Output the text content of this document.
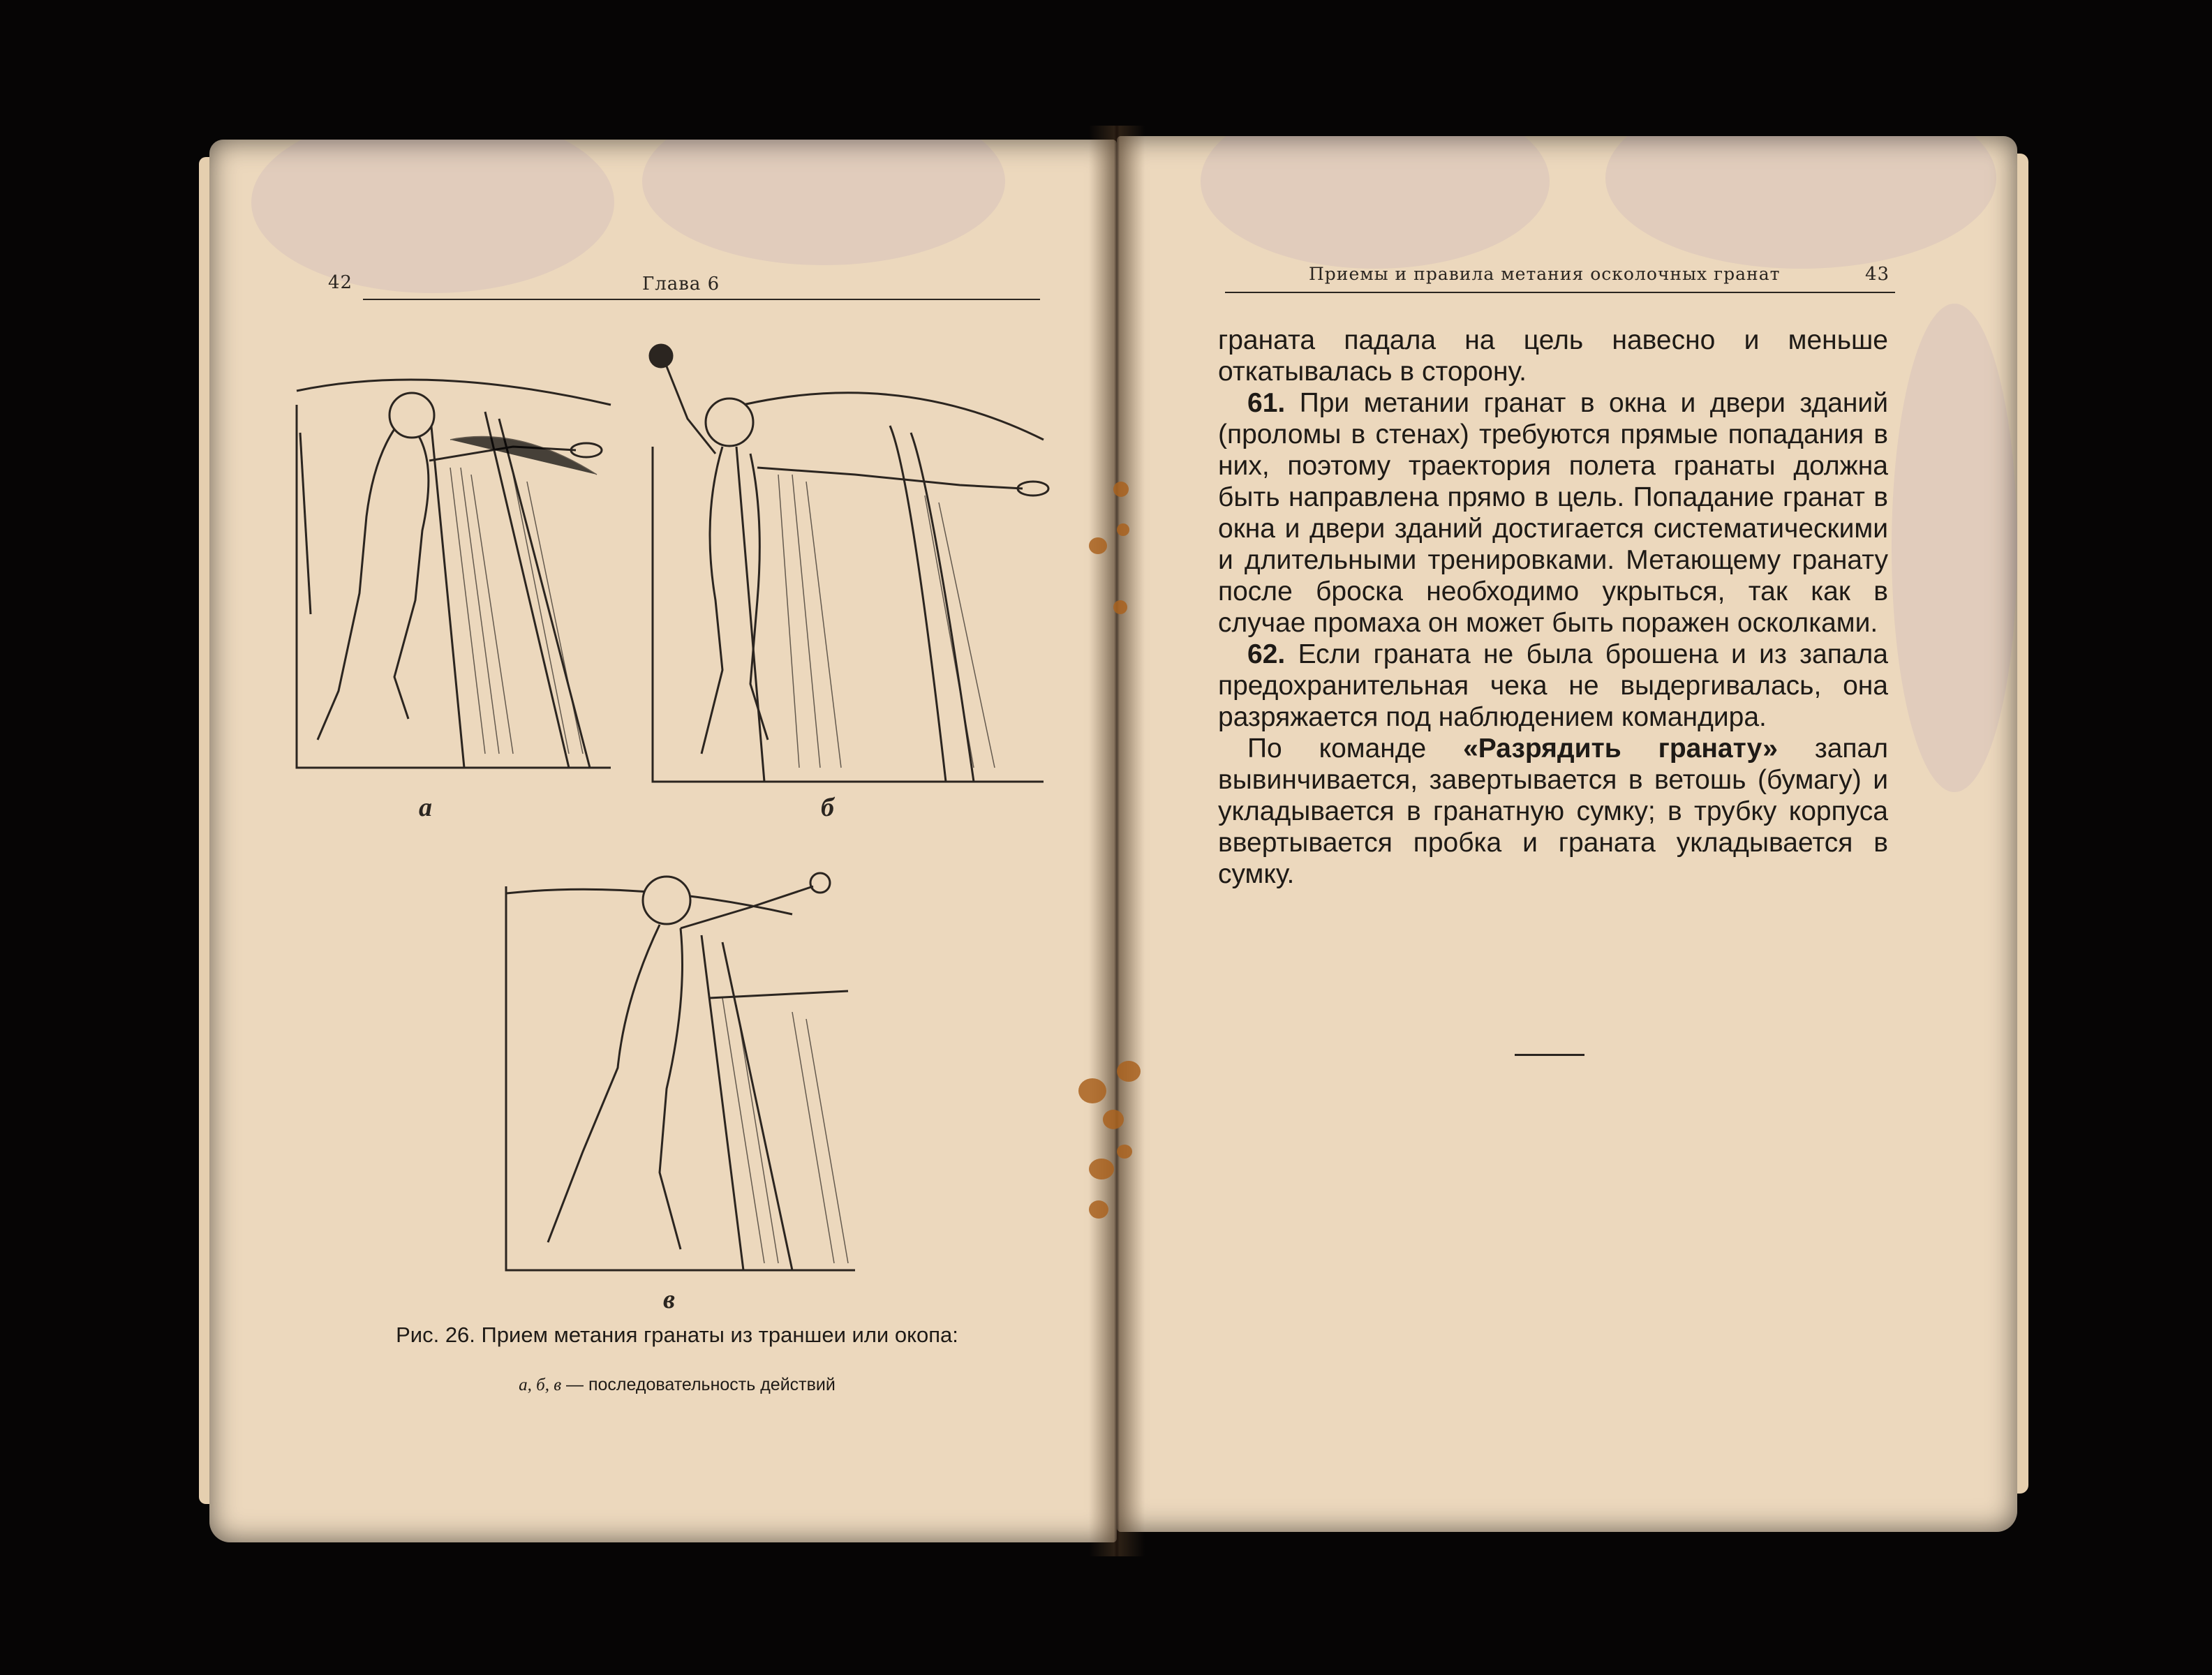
42	Глава 6	Приемы и правила метания осколочных гранат	43
а	б
в
Рис. 26. Прием метания гранаты из траншеи или окопа:
а, б, в — последовательность действий

граната падала на цель навесно и меньше откатывалась в сторону.

61. При метании гранат в окна и двери зданий (проломы в стенах) требуются прямые попадания в них, поэтому траектория полета гранаты должна быть направлена прямо в цель. Попадание гранат в окна и двери зданий достигается систематическими и длительными тренировками. Метающему гранату после броска необходимо укрыться, так как в случае промаха он может быть поражен осколками.

62. Если граната не была брошена и из запала предохранительная чека не выдергивалась, она разряжается под наблюдением командира.

По команде «Разрядить гранату» запал вывинчивается, завертывается в ветошь (бумагу) и укладывается в гранатную сумку; в трубку корпуса ввертывается пробка и граната укладывается в сумку.
